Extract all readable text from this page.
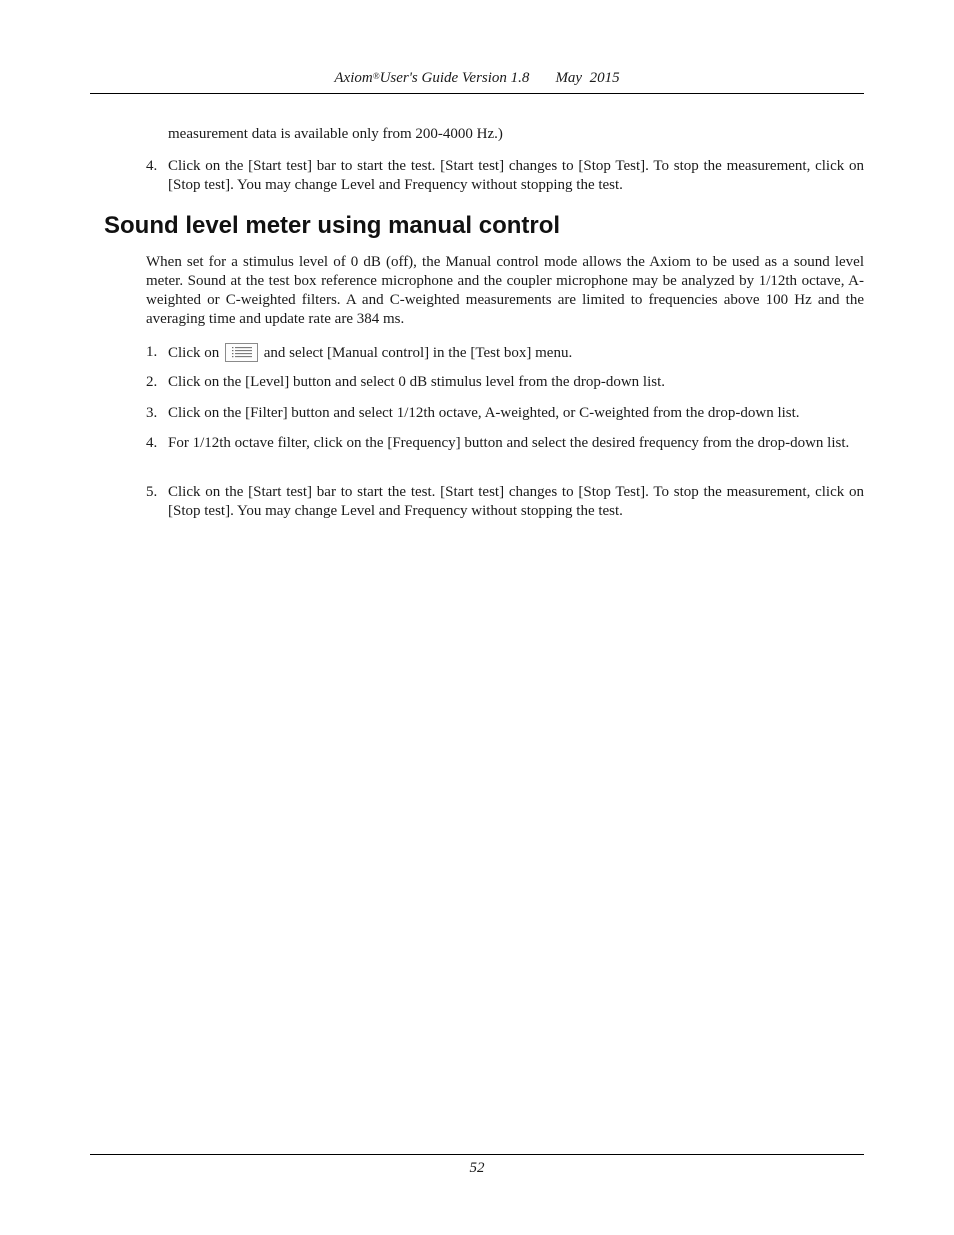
Axiom®User's Guide Version 1.8 May  2015
measurement data is available only from 200-4000 Hz.)
4. Click on the [Start test] bar to start the test. [Start test] changes to [Stop Test]. To stop the measurement, click on [Stop test]. You may change Level and Frequency without stopping the test.
Sound level meter using manual control
When set for a stimulus level of 0 dB (off), the Manual control mode allows the Axiom to be used as a sound level meter. Sound at the test box reference microphone and the coupler microphone may be analyzed by 1/12th octave, A-weighted or C-weighted filters. A and C-weighted measurements are limited to frequencies above 100 Hz and the averaging time and update rate are 384 ms.
1. Click on	and select [Manual control] in the [Test box] menu.
2. Click on the [Level] button and select 0 dB stimulus level from the drop-down list.
3. Click on the [Filter] button and select 1/12th octave, A-weighted, or C-weighted from the drop-down list.
4. For 1/12th octave filter, click on the [Frequency] button and select the desired frequency from the drop-down list.
5. Click on the [Start test] bar to start the test. [Start test] changes to [Stop Test]. To stop the measurement, click on [Stop test]. You may change Level and Frequency without stopping the test.
52
